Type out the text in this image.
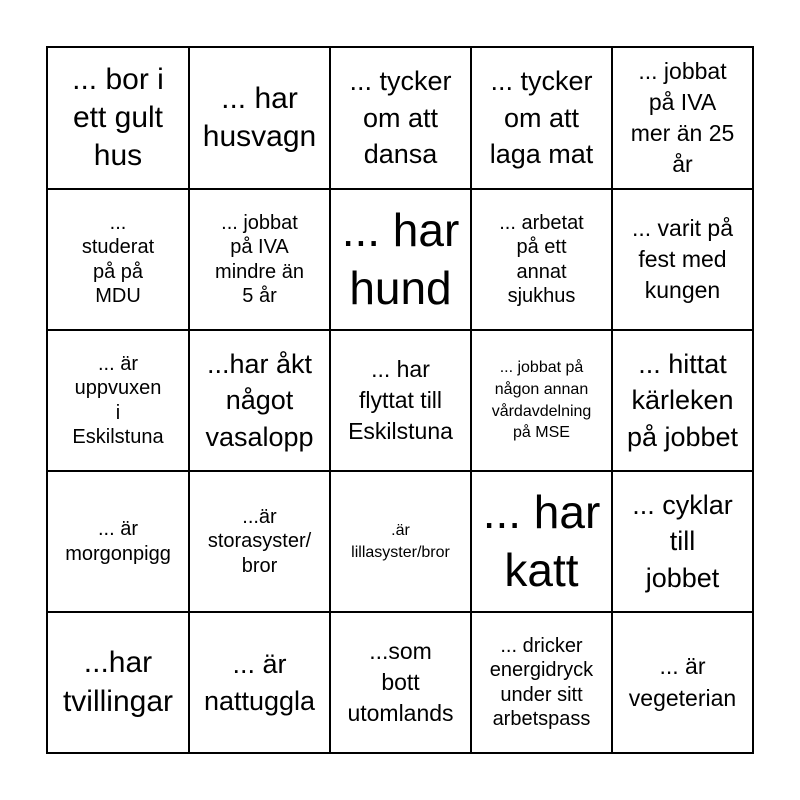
... bor i
ett gult
hus
... har
husvagn
... tycker
om att
dansa
... tycker
om att
laga mat
... jobbat
på IVA
mer än 25
år
...
studerat
på på
MDU
... jobbat
på IVA
mindre än
5 år
... har
hund
... arbetat
på ett
annat
sjukhus
... varit på
fest med
kungen
... är
uppvuxen
i
Eskilstuna
...har åkt
något
vasalopp
... har
flyttat till
Eskilstuna
... jobbat på
någon annan
vårdavdelning
på MSE
... hittat
kärleken
på jobbet
... är
morgonpigg
...är
storasyster/
bror
.är
lillasyster/bror
... har
katt
... cyklar
till
jobbet
...har
tvillingar
... är
nattuggla
...som
bott
utomlands
... dricker
energidryck
under sitt
arbetspass
... är
vegeterian
